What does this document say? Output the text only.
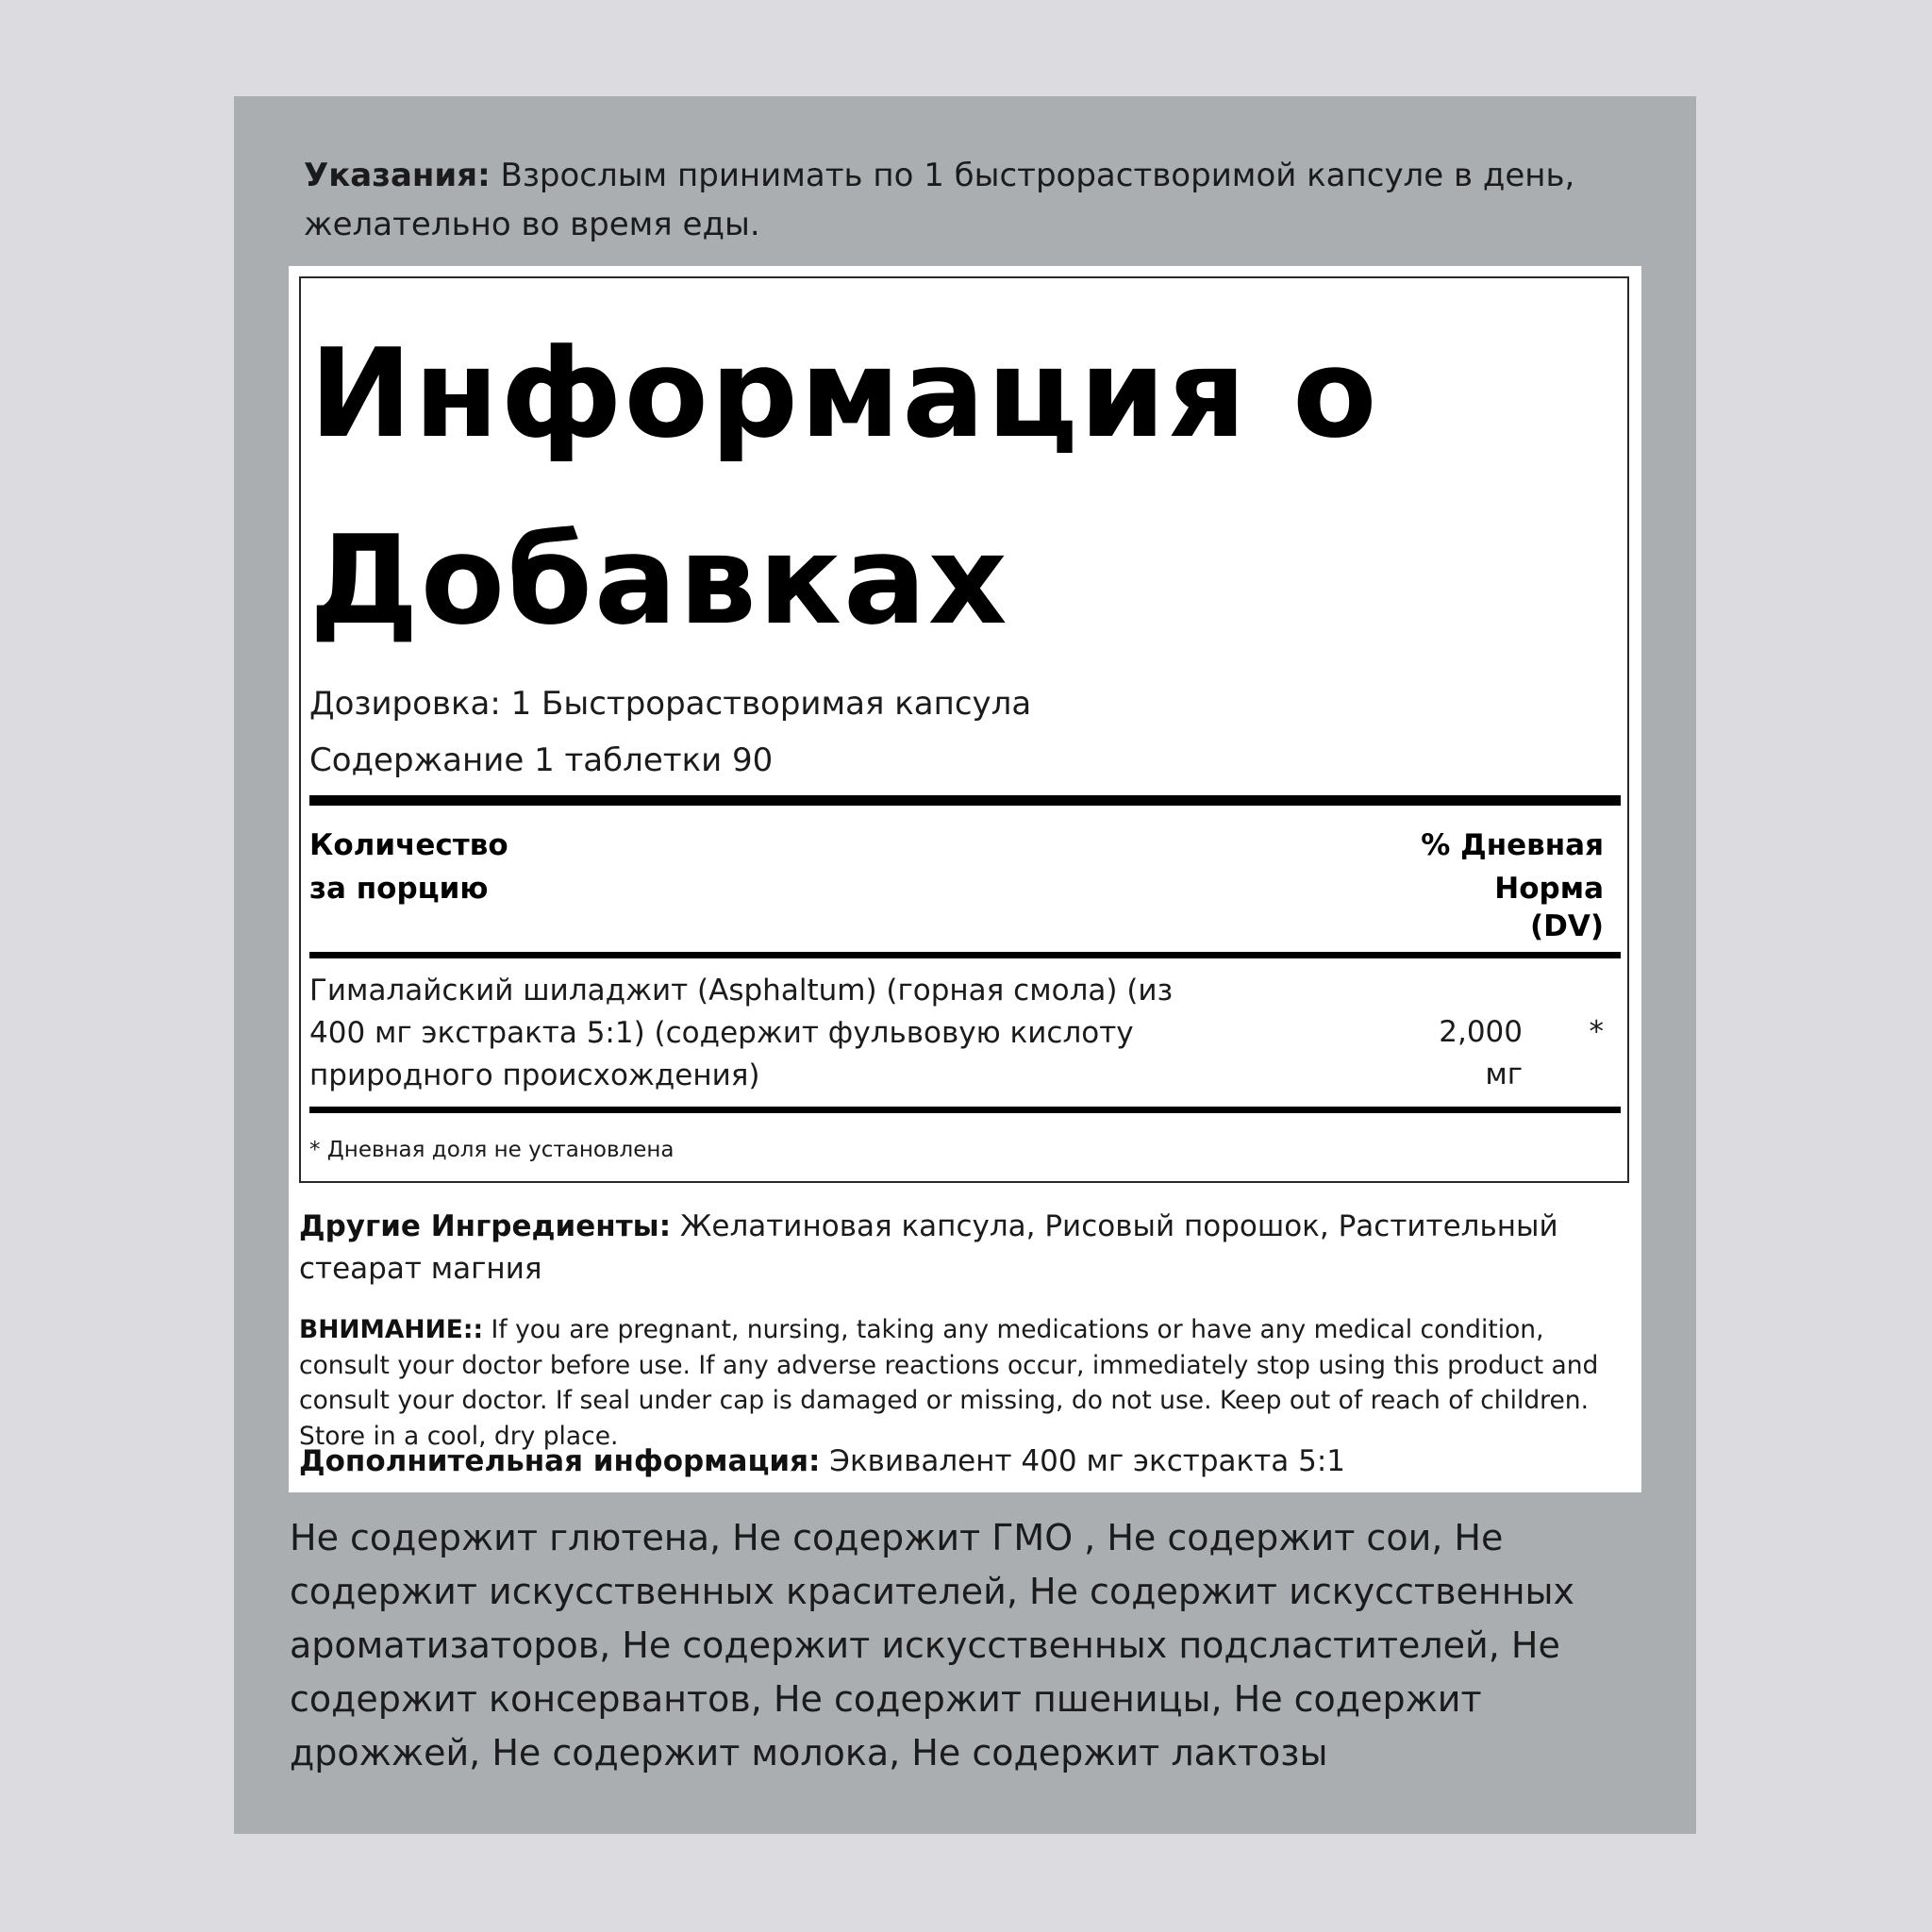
Указания: Взрослым принимать по 1 быстрорастворимой капсуле в день, желательно во время еды.
Информация о Добавках
Дозировка: 1 Быстрорастворимая капсула
Содержание 1 таблетки 90
Количество
за порцию
% Дневная
Норма
(DV)
Гималайский шиладжит (Asphaltum) (горная смола) (из 400 мг экстракта 5:1) (содержит фульвовую кислоту природного происхождения)
2,000 мг
*
* Дневная доля не установлена
Другие Ингредиенты: Желатиновая капсула, Рисовый порошок, Растительный стеарат магния
ВНИМАНИЕ:: If you are pregnant, nursing, taking any medications or have any medical condition, consult your doctor before use. If any adverse reactions occur, immediately stop using this product and consult your doctor. If seal under cap is damaged or missing, do not use. Keep out of reach of children. Store in a cool, dry place.
Дополнительная информация: Эквивалент 400 мг экстракта 5:1
Не содержит глютена, Не содержит ГМО , Не содержит сои, Не содержит искусственных красителей, Не содержит искусственных ароматизаторов, Не содержит искусственных подсластителей, Не содержит консервантов, Не содержит пшеницы, Не содержит дрожжей, Не содержит молока, Не содержит лактозы
